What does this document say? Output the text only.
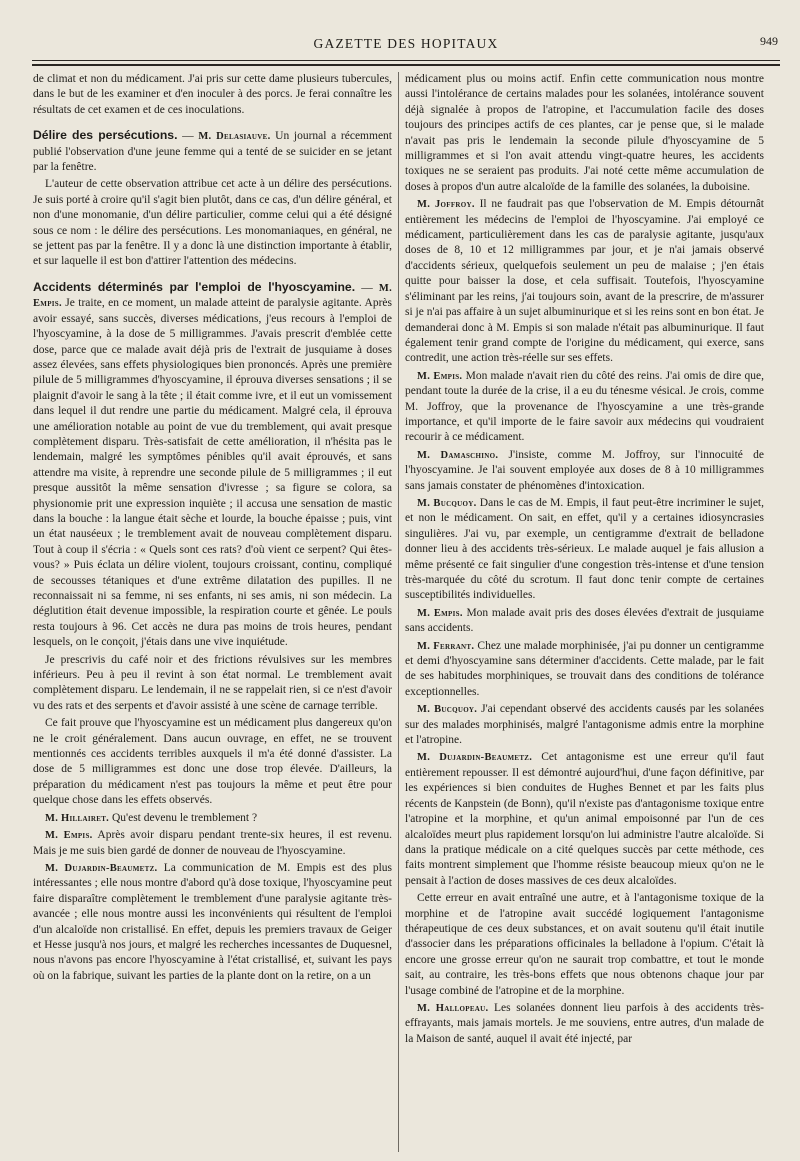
GAZETTE DES HOPITAUX	949

de climat et non du médicament. J'ai pris sur cette dame plusieurs tubercules, dans le but de les examiner et d'en inoculer à des porcs. Je ferai connaître les résultats de cet examen et de ces inoculations.

Délire des persécutions. — M. Delasiauve. Un journal a récemment publié l'observation d'une jeune femme qui a tenté de se suicider en se jetant par la fenêtre.

L'auteur de cette observation attribue cet acte à un délire des persécutions. Je suis porté à croire qu'il s'agit bien plutôt, dans ce cas, d'un délire général, et non d'une monomanie, d'un délire particulier, comme celui qui a été désigné sous ce nom : le délire des persécutions. Les monomaniaques, en général, ne se jettent pas par la fenêtre. Il y a donc là une distinction importante à établir, et sur laquelle il est bon d'attirer l'attention des médecins.

Accidents déterminés par l'emploi de l'hyoscyamine. — M. Empis. Je traite, en ce moment, un malade atteint de paralysie agitante. Après avoir essayé, sans succès, diverses médications, j'eus recours à l'emploi de l'hyoscyamine, à la dose de 5 milligrammes. J'avais prescrit d'emblée cette dose, parce que ce malade avait déjà pris de l'extrait de jusquiame à doses assez élevées, sans effets physiologiques bien prononcés. Après une première pilule de 5 milligrammes d'hyoscyamine, il éprouva diverses sensations ; il se plaignit d'avoir le sang à la tête ; il était comme ivre, et il eut un vomissement dans lequel il dut rendre une partie du médicament. Malgré cela, il éprouva une amélioration notable au point de vue du tremblement, qui avait presque complètement disparu. Très-satisfait de cette amélioration, il n'hésita pas le lendemain, malgré les symptômes pénibles qu'il avait éprouvés, et sans attendre ma visite, à reprendre une seconde pilule de 5 milligrammes ; il eut presque aussitôt la même sensation d'ivresse ; sa figure se colora, sa physionomie prit une expression inquiète ; il accusa une sensation de mastic dans la bouche : la langue était sèche et lourde, la bouche épaisse ; puis, vint un état nauséeux ; le tremblement avait de nouveau complètement disparu. Tout à coup il s'écria : « Quels sont ces rats? d'où vient ce serpent? Qui êtes-vous? » Puis éclata un délire violent, toujours croissant, continu, compliqué de secousses tétaniques et d'une extrême dilatation des pupilles. Il ne reconnaissait ni sa femme, ni ses enfants, ni ses amis, ni son médecin. La déglutition était devenue impossible, la respiration courte et gênée. Le pouls resta toujours à 96. Cet accès ne dura pas moins de trois heures, pendant lesquels, on le conçoit, j'étais dans une vive inquiétude.

Je prescrivis du café noir et des frictions révulsives sur les membres inférieurs. Peu à peu il revint à son état normal. Le tremblement avait complètement disparu. Le lendemain, il ne se rappelait rien, si ce n'est d'avoir vu des rats et des serpents et d'avoir assisté à une scène de carnage terrible.

Ce fait prouve que l'hyoscyamine est un médicament plus dangereux qu'on ne le croit généralement. Dans aucun ouvrage, en effet, ne se trouvent mentionnés ces accidents terribles auxquels il m'a été donné d'assister. La dose de 5 milligrammes est donc une dose trop élevée. D'ailleurs, la préparation du médicament n'est pas toujours la même et peut être pour quelque chose dans les effets observés.

M. Hillairet. Qu'est devenu le tremblement ?

M. Empis. Après avoir disparu pendant trente-six heures, il est revenu. Mais je me suis bien gardé de donner de nouveau de l'hyoscyamine.

M. Dujardin-Beaumetz. La communication de M. Empis est des plus intéressantes ; elle nous montre d'abord qu'à dose toxique, l'hyoscyamine peut faire disparaître complètement le tremblement d'une paralysie agitante très-avancée ; elle nous montre aussi les inconvénients qui résultent de l'emploi d'un alcaloïde non cristallisé. En effet, depuis les premiers travaux de Geiger et Hesse jusqu'à nos jours, et malgré les recherches incessantes de Duquesnel, nous n'avons pas encore l'hyoscyamine à l'état cristallisé, et, suivant les pays où on la fabrique, suivant les parties de la plante dont on la retire, on a un

médicament plus ou moins actif. Enfin cette communication nous montre aussi l'intolérance de certains malades pour les solanées, intolérance souvent déjà signalée à propos de l'atropine, et l'accumulation facile des doses toujours des principes actifs de ces plantes, car je pense que, si le malade n'avait pas pris le lendemain la seconde pilule d'hyoscyamine de 5 milligrammes et si l'on avait attendu vingt-quatre heures, les accidents toxiques ne se seraient pas produits. J'ai noté cette même accumulation de doses à propos d'un autre alcaloïde de la famille des solanées, la duboisine.

M. Joffroy. Il ne faudrait pas que l'observation de M. Empis détournât entièrement les médecins de l'emploi de l'hyoscyamine. J'ai employé ce médicament, particulièrement dans les cas de paralysie agitante, jusqu'aux doses de 8, 10 et 12 milligrammes par jour, et je n'ai jamais observé d'accidents sérieux, quelquefois seulement un peu de malaise ; j'en étais quitte pour baisser la dose, et cela suffisait. Toutefois, l'hyoscyamine s'éliminant par les reins, j'ai toujours soin, avant de la prescrire, de m'assurer si je n'ai pas affaire à un sujet albuminurique et si les reins sont en bon état. Je demanderai donc à M. Empis si son malade n'était pas albuminurique. Il faut également tenir grand compte de l'origine du médicament, qui exerce, sans contredit, une action très-réelle sur ses effets.

M. Empis. Mon malade n'avait rien du côté des reins. J'ai omis de dire que, pendant toute la durée de la crise, il a eu du ténesme vésical. Je crois, comme M. Joffroy, que la provenance de l'hyoscyamine a une très-grande importance, et qu'il importe de le faire savoir aux médecins qui voudraient recourir à ce médicament.

M. Damaschino. J'insiste, comme M. Joffroy, sur l'innocuité de l'hyoscyamine. Je l'ai souvent employée aux doses de 8 à 10 milligrammes sans jamais constater de phénomènes d'intoxication.

M. Bucquoy. Dans le cas de M. Empis, il faut peut-être incriminer le sujet, et non le médicament. On sait, en effet, qu'il y a certaines idiosyncrasies singulières. J'ai vu, par exemple, un centigramme d'extrait de belladone donner lieu à des accidents très-sérieux. Le malade auquel je fais allusion a même présenté ce fait singulier d'une congestion très-intense et d'une tension très-marquée du côté du scrotum. Il faut donc tenir compte de certaines susceptibilités individuelles.

M. Empis. Mon malade avait pris des doses élevées d'extrait de jusquiame sans accidents.

M. Ferrant. Chez une malade morphinisée, j'ai pu donner un centigramme et demi d'hyoscyamine sans déterminer d'accidents. Cette malade, par le fait de ses habitudes morphiniques, se trouvait dans des conditions de tolérance exceptionnelles.

M. Bucquoy. J'ai cependant observé des accidents causés par les solanées sur des malades morphinisés, malgré l'antagonisme admis entre la morphine et l'atropine.

M. Dujardin-Beaumetz. Cet antagonisme est une erreur qu'il faut entièrement repousser. Il est démontré aujourd'hui, d'une façon définitive, par les expériences si bien conduites de Hughes Bennet et par les faits plus récents de Kanpstein (de Bonn), qu'il n'existe pas d'antagonisme toxique entre l'atropine et la morphine, et qu'un animal empoisonné par l'un de ces alcaloïdes meurt plus rapidement lorsqu'on lui administre l'autre alcaloïde. Si dans la pratique médicale on a cité quelques succès par cette méthode, ces faits montrent simplement que l'homme résiste beaucoup mieux qu'on ne le pensait à l'action de doses massives de ces deux alcaloïdes.

Cette erreur en avait entraîné une autre, et à l'antagonisme toxique de la morphine et de l'atropine avait succédé logiquement l'antagonisme thérapeutique de ces deux substances, et on avait soutenu qu'il était inutile d'associer dans les préparations officinales la belladone à l'opium. C'était là encore une grosse erreur qu'on ne saurait trop combattre, et tout le monde sait, au contraire, les très-bons effets que nous obtenons chaque jour par l'usage combiné de l'atropine et de la morphine.

M. Hallopeau. Les solanées donnent lieu parfois à des accidents très-effrayants, mais jamais mortels. Je me souviens, entre autres, d'un malade de la Maison de santé, auquel il avait été injecté, par
